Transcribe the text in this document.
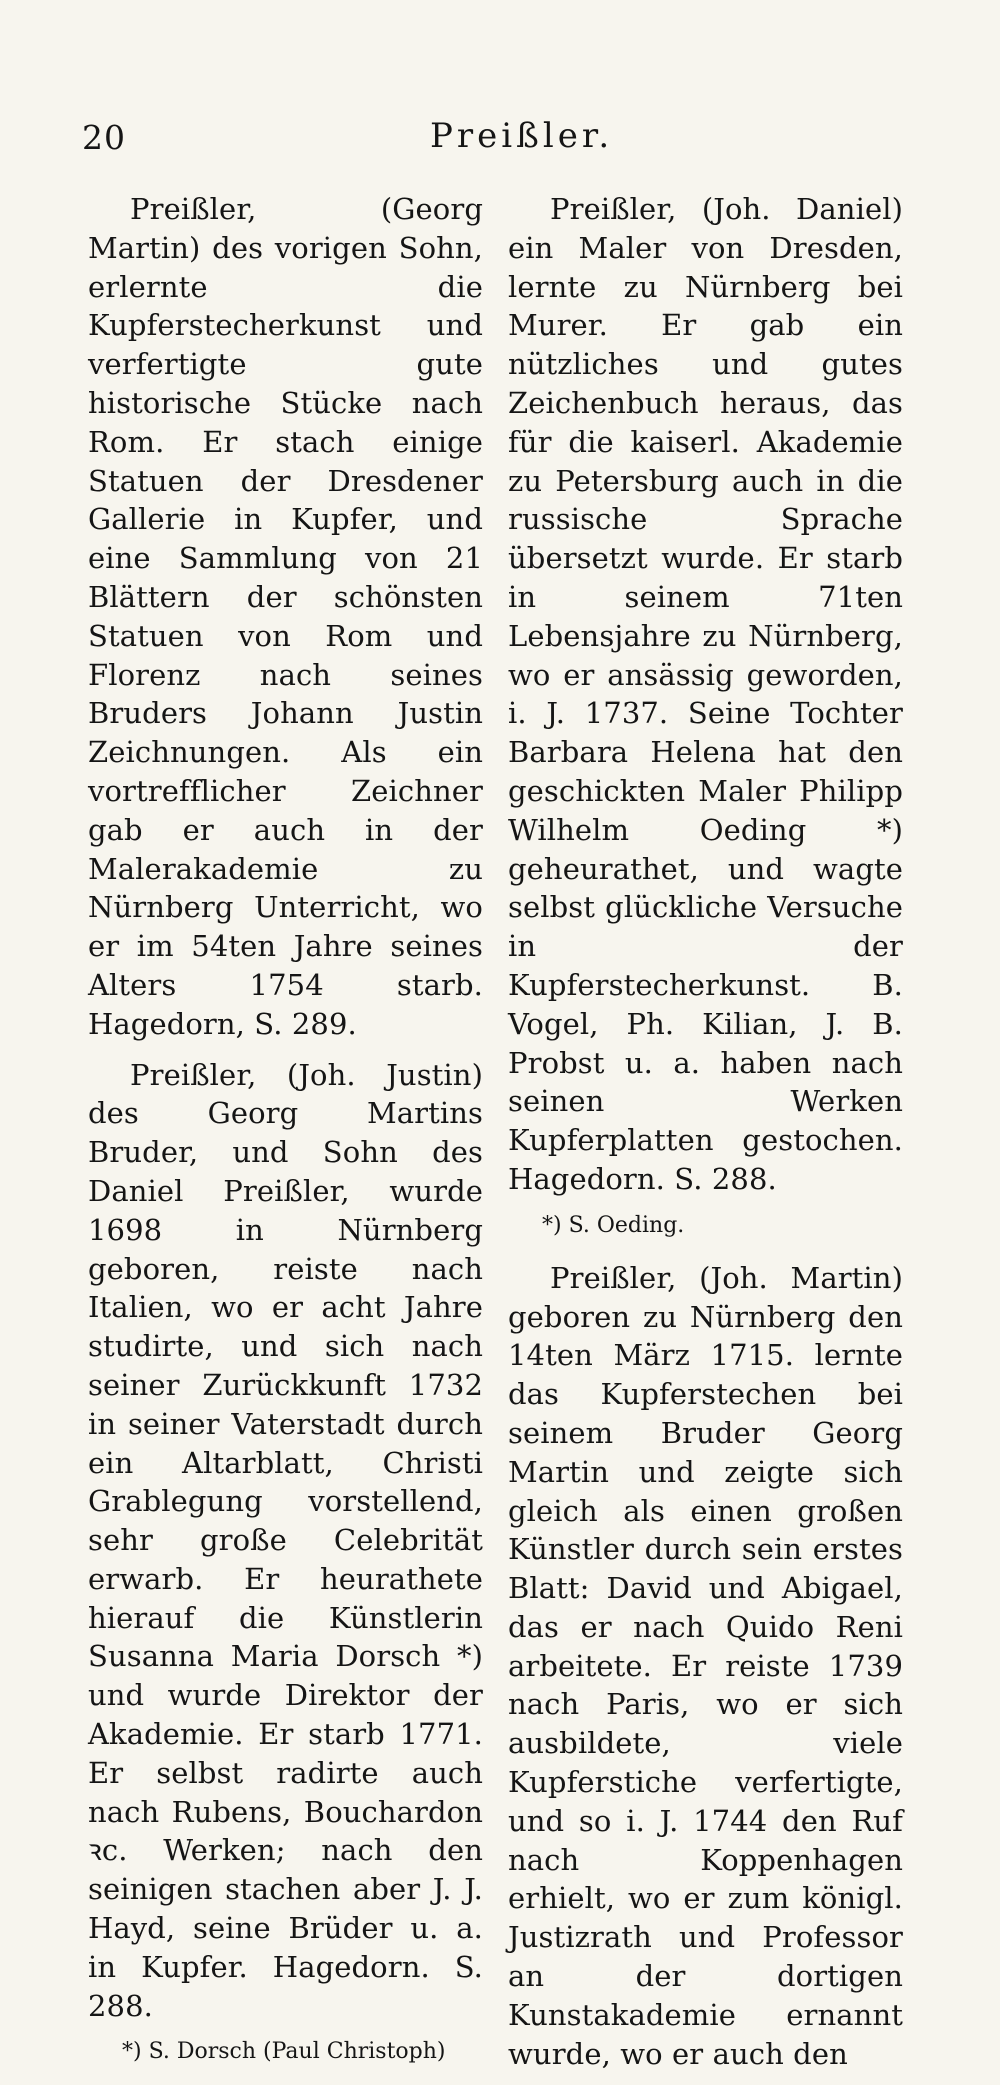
20	Preißler.

Preißler, (Georg Martin) des vorigen Sohn, erlernte die Kupferstecherkunst und verfertigte gute historische Stücke nach Rom. Er stach einige Statuen der Dresdener Gallerie in Kupfer, und eine Sammlung von 21 Blättern der schönsten Statuen von Rom und Florenz nach seines Bruders Johann Justin Zeichnungen. Als ein vortrefflicher Zeichner gab er auch in der Malerakademie zu Nürnberg Unterricht, wo er im 54ten Jahre seines Alters 1754 starb. Hagedorn, S. 289.

Preißler, (Joh. Justin) des Georg Martins Bruder, und Sohn des Daniel Preißler, wurde 1698 in Nürnberg geboren, reiste nach Italien, wo er acht Jahre studirte, und sich nach seiner Zurückkunft 1732 in seiner Vaterstadt durch ein Altarblatt, Christi Grablegung vorstellend, sehr große Celebrität erwarb. Er heurathete hierauf die Künstlerin Susanna Maria Dorsch *) und wurde Direktor der Akademie. Er starb 1771. Er selbst radirte auch nach Rubens, Bouchardon ꝛc. Werken; nach den seinigen stachen aber J. J. Hayd, seine Brüder u. a. in Kupfer. Hagedorn. S. 288.

*) S. Dorsch (Paul Christoph)

Preißler, (Joh. Daniel) ein Maler von Dresden, lernte zu Nürnberg bei Murer. Er gab ein nützliches und gutes Zeichenbuch heraus, das für die kaiserl. Akademie zu Petersburg auch in die russische Sprache übersetzt wurde. Er starb in seinem 71ten Lebensjahre zu Nürnberg, wo er ansässig geworden, i. J. 1737. Seine Tochter Barbara Helena hat den geschickten Maler Philipp Wilhelm Oeding *) geheurathet, und wagte selbst glückliche Versuche in der Kupferstecherkunst. B. Vogel, Ph. Kilian, J. B. Probst u. a. haben nach seinen Werken Kupferplatten gestochen. Hagedorn. S. 288.

*) S. Oeding.

Preißler, (Joh. Martin) geboren zu Nürnberg den 14ten März 1715. lernte das Kupferstechen bei seinem Bruder Georg Martin und zeigte sich gleich als einen großen Künstler durch sein erstes Blatt: David und Abigael, das er nach Quido Reni arbeitete. Er reiste 1739 nach Paris, wo er sich ausbildete, viele Kupferstiche verfertigte, und so i. J. 1744 den Ruf nach Koppenhagen erhielt, wo er zum königl. Justizrath und Professor an der dortigen Kunstakademie ernannt wurde, wo er auch den
